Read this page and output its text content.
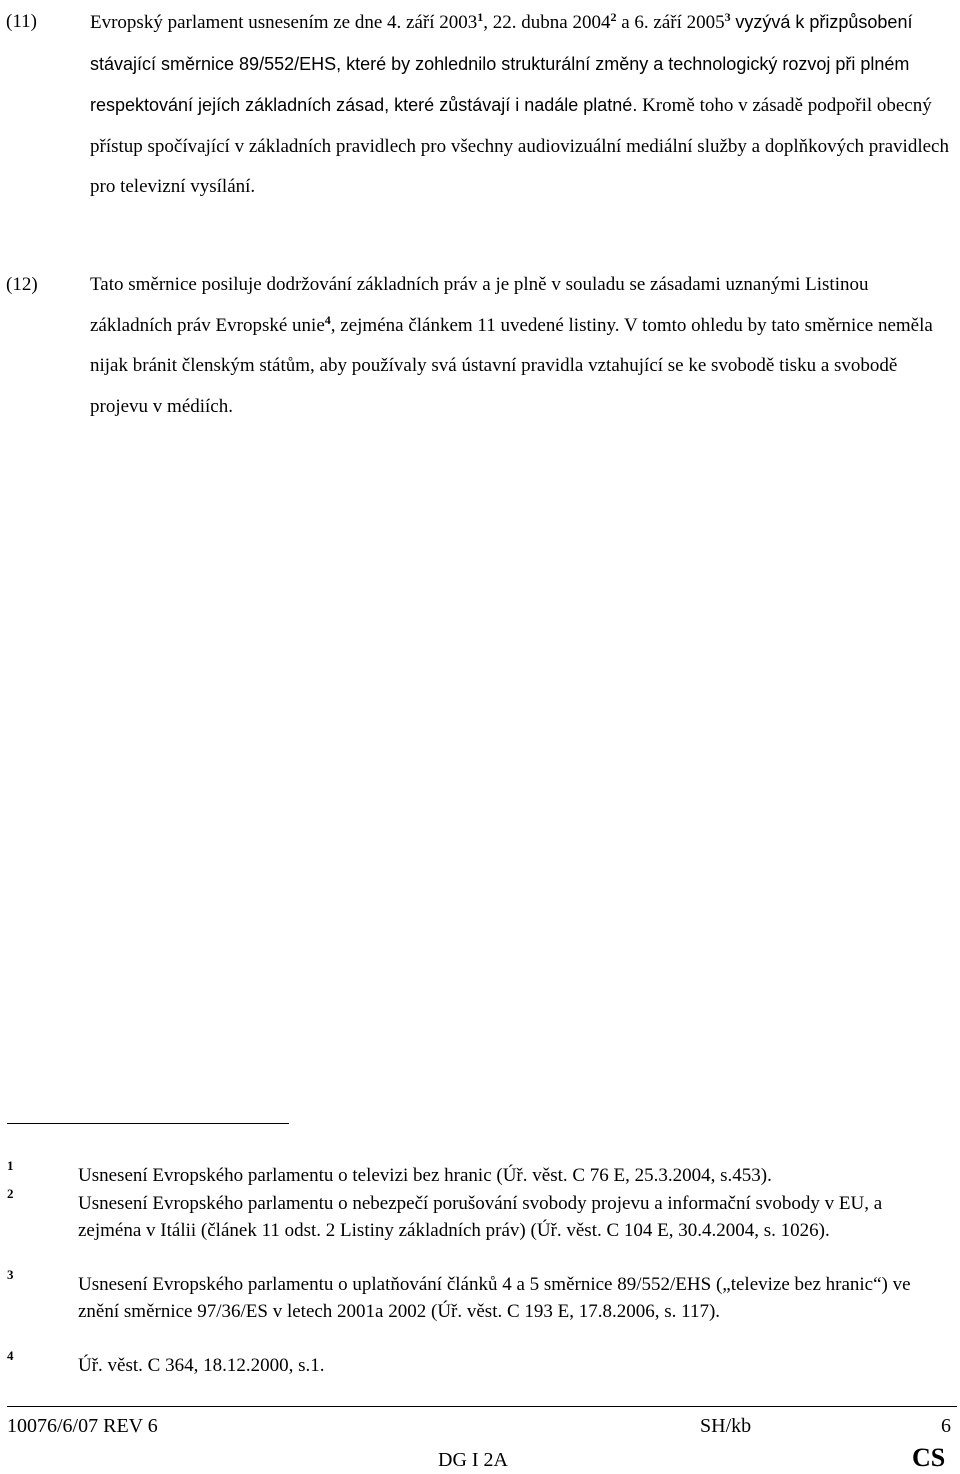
(11)	Evropský parlament usnesením ze dne 4. září 2003$^1$, 22. dubna 2004$^2$ a 6. září 2005$^3$ vyzývá k přizpůsobení stávající směrnice 89/552/EHS, které by zohlednilo strukturální změny a technologický rozvoj při plném respektování jejích základních zásad, které zůstávají i nadále platné. Kromě toho v zásadě podpořil obecný přístup spočívající v základních pravidlech pro všechny audiovizuální mediální služby a doplňkových pravidlech pro televizní vysílání.
(12)	Tato směrnice posiluje dodržování základních práv a je plně v souladu se zásadami uznanými Listinou základních práv Evropské unie$^4$, zejména článkem 11 uvedené listiny. V tomto ohledu by tato směrnice neměla nijak bránit členským státům, aby používaly svá ústavní pravidla vztahující se ke svobodě tisku a svobodě projevu v médiích.
1	Usnesení Evropského parlamentu o televizi bez hranic (Úř. věst. C 76 E, 25.3.2004, s.453).
2	Usnesení Evropského parlamentu o nebezpečí porušování svobody projevu a informační svobody v EU, a zejména v Itálii (článek 11 odst. 2 Listiny základních práv) (Úř. věst. C 104 E, 30.4.2004, s. 1026).
3	Usnesení Evropského parlamentu o uplatňování článků 4 a 5 směrnice 89/552/EHS („televize bez hranic“) ve znění směrnice 97/36/ES v letech 2001a 2002 (Úř. věst. C 193 E, 17.8.2006, s. 117).
4	Úř. věst. C 364, 18.12.2000, s.1.
10076/6/07 REV 6	SH/kb	6
DG I 2A	CS
